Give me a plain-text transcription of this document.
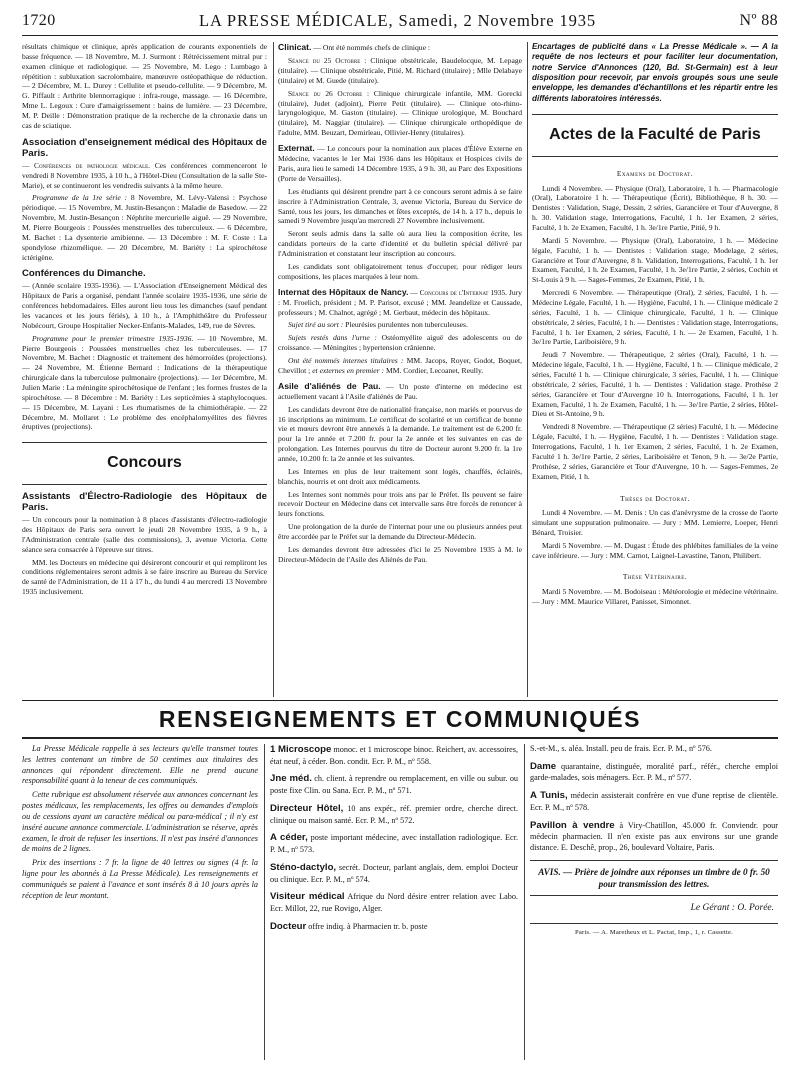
1720	LA PRESSE MÉDICALE, Samedi, 2 Novembre 1935	Nº 88

résultats chimique et clinique, après application de courants exponentiels de basse fréquence. — 18 Novembre, M. J. Surmont : Rétrécissement mitral pur : examen clinique et radiologique. — 25 Novembre, M. Lego : Lumbago à répétition : subluxation sacrolombaire, manœuvre ostéopathique de réduction. — 2 Décembre, M. L. Durey : Cellulite et pseudo-cellulite. — 9 Décembre, M. G. Piffault : Arthrite blennorragique : infra-rouge, massage. — 16 Décembre, Mme L. Legoux : Cure d'amaigrissement : bains de lumière. — 23 Décembre, M. P. Deille : Démonstration pratique de la recherche de la chronaxie dans un cas de sciatique.

Association d'enseignement médical des Hôpitaux de Paris.

— Conférences de pathologie médicale. Ces conférences commenceront le vendredi 8 Novembre 1935, à 10 h., à l'Hôtel-Dieu (Consultation de la salle Ste-Marie), et se continueront les vendredis suivants à la même heure.

Programme de la 1re série : 8 Novembre, M. Lévy-Valensi : Psychose périodique. — 15 Novembre, M. Justin-Besançon : Maladie de Basedow. — 22 Novembre, M. Justin-Besançon : Néphrite mercurielle aiguë. — 29 Novembre, M. Pierre Bourgeois : Poussées menstruelles des tuberculeux. — 6 Décembre, M. Bachet : La dysenterie amibienne. — 13 Décembre : M. F. Coste : La spondylose rhizomélique. — 20 Décembre, M. Bariéty : La spirochétose ictérigène.

Conférences du Dimanche.

— (Année scolaire 1935-1936). — L'Association d'Enseignement Médical des Hôpitaux de Paris a organisé, pendant l'année scolaire 1935-1936, une série de conférences hebdomadaires. Elles auront lieu tous les dimanches (sauf pendant les vacances et les jours fériés), à 10 h., à l'Amphithéâtre du Professeur Nobécourt, Groupe Hospitalier Necker-Enfants-Malades, 149, rue de Sèvres.

Programme pour le premier trimestre 1935-1936. — 10 Novembre, M. Pierre Bourgeois : Poussées menstruelles chez les tuberculeuses. — 17 Novembre, M. Bachet : Diagnostic et traitement des hémorroïdes (projections). — 24 Novembre, M. Étienne Bernard : Indications de la thérapeutique chirurgicale dans la tuberculose pulmonaire (projections). — 1er Décembre, M. Julien Marie : La méningite spirochétosique de l'enfant ; les formes frustes de la spirochétose. — 8 Décembre : M. Bariéty : Les septicémies à staphylocoques. — 15 Décembre, M. Layani : Les rhumatismes de la chimiothérapie. — 22 Décembre, M. Mollaret : Le problème des encéphalomyélites des fièvres éruptives (projections).

Concours
Assistants d'Électro-Radiologie des Hôpitaux de Paris.

— Un concours pour la nomination à 8 places d'assistants d'électro-radiologie des Hôpitaux de Paris sera ouvert le jeudi 28 Novembre 1935, à 9 h., à l'Administration centrale (salle des commissions), 3, avenue Victoria. Cette séance sera consacrée à l'épreuve sur titres.

MM. les Docteurs en médecine qui désireront concourir et qui rempliront les conditions réglementaires seront admis à se faire inscrire au Bureau du Service de santé de l'Administration, de 11 à 17 h., du lundi 4 au mercredi 13 Novembre 1935 inclusivement.

Clinicat. — Ont été nommés chefs de clinique :

Séance du 25 Octobre : Clinique obstétricale, Baudelocque, M. Lepage (titulaire). — Clinique obstétricale, Pitié, M. Richard (titulaire) ; Mlle Delabaye (titulaire) et M. Guede (titulaire).

Séance du 26 Octobre : Clinique chirurgicale infantile, MM. Gorecki (titulaire), Judet (adjoint), Pierre Petit (titulaire). — Clinique oto-rhino-laryngologique, M. Gaston (titulaire). — Clinique urologique, M. Bouchard (titulaire), M. Naggiar (titulaire). — Clinique chirurgicale orthopédique de l'adulte, MM. Beuzart, Demirleau, Ollivier-Henry (titulaires).

Externat. — Le concours pour la nomination aux places d'Élève Externe en Médecine, vacantes le 1er Mai 1936 dans les Hôpitaux et Hospices civils de Paris, aura lieu le samedi 14 Décembre 1935, à 9 h. 30, au Parc des Expositions (Porte de Versailles).

Les étudiants qui désirent prendre part à ce concours seront admis à se faire inscrire à l'Administration Centrale, 3, avenue Victoria, Bureau du Service de Santé, tous les jours, les dimanches et fêtes exceptés, de 14 h. à 17 h., depuis le samedi 9 Novembre jusqu'au mercredi 27 Novembre inclusivement.

Seront seuls admis dans la salle où aura lieu la composition écrite, les candidats porteurs de la carte d'identité et du bulletin spécial délivré par l'Administration et constatant leur inscription au concours.

Les candidats sont obligatoirement tenus d'occuper, pour rédiger leurs compositions, les places marquées à leur nom.

Internat des Hôpitaux de Nancy. — Concours de l'Internat 1935. Jury : M. Froelich, président ; M. P. Parisot, excusé ; MM. Jeandelize et Caussade, professeurs ; M. Chalnot, agrégé ; M. Gerbaut, médecin des hôpitaux.

Sujet tiré au sort : Pleurésies purulentes non tuberculeuses.

Sujets restés dans l'urne : Ostéomyélite aiguë des adolescents ou de croissance. — Méningites ; hypertension crânienne.

Ont été nommés internes titulaires : MM. Jacops, Royer, Godot, Boquet, Chevillot ; et externes en premier : MM. Cordier, Lecoanet, Reully.

Asile d'aliénés de Pau. — Un poste d'interne en médecine est actuellement vacant à l'Asile d'aliénés de Pau.

Les candidats devront être de nationalité française, non mariés et pourvus de 16 inscriptions au minimum. Le certificat de scolarité et un certificat de bonne vie et mœurs devront être annexés à la demande. Le traitement est de 6.200 fr. pour la 1re année et 7.200 fr. pour la 2e année et les suivantes en cas de prolongation. Les Internes pourvus du titre de Docteur auront 9.200 fr. la 1re année, 10.200 fr. la 2e année et les suivantes.

Les Internes en plus de leur traitement sont logés, chauffés, éclairés, blanchis, nourris et ont droit aux médicaments.

Les Internes sont nommés pour trois ans par le Préfet. Ils peuvent se faire recevoir Docteur en Médecine dans cet intervalle sans être forcés de renoncer à leurs fonctions.

Une prolongation de la durée de l'internat pour une ou plusieurs années peut être accordée par le Préfet sur la demande du Directeur-Médecin.

Les demandes devront être adressées d'ici le 25 Novembre 1935 à M. le Directeur-Médecin de l'Asile des Aliénés de Pau.

Encartages de publicité dans « La Presse Médicale ». — A la requête de nos lecteurs et pour faciliter leur documentation, notre Service d'Annonces (120, Bd. St-Germain) est à leur disposition pour recevoir, par envois groupés sous une seule enveloppe, les demandes d'échantillons et les répartir entre les différents laboratoires intéressés.
Actes de la Faculté de Paris
Examens de Doctorat.

Lundi 4 Novembre. — Physique (Oral), Laboratoire, 1 h. — Pharmacologie (Oral), Laboratoire 1 h. — Thérapeutique (Écrit), Bibliothèque, 8 h. 30. — Dentistes : Validation, Stage, Dessin, 2 séries, Garancière et Tour d'Auvergne, 8 h. 30. Validation stage, Interrogations, Faculté, 1 h. 1er Examen, 2 séries, Faculté, 1 h. 2e Examen, Faculté, 1 h. 3e/1re Partie, Pitié, 9 h.

Mardi 5 Novembre. — Physique (Oral), Laboratoire, 1 h. — Médecine légale, Faculté, 1 h. — Dentistes : Validation stage, Modelage, 2 séries, Garancière et Tour d'Auvergne, 8 h. Validation, Interrogations, Faculté, 1 h. 1er Examen, Faculté, 1 h. 2e Examen, Faculté, 1 h. 3e/1re Partie, 2 séries, Cochin et St-Louis à 9 h. — Sages-Femmes, 2e Examen, Pitié, 1 h.

Mercredi 6 Novembre. — Thérapeutique (Oral), 2 séries, Faculté, 1 h. — Médecine Légale, Faculté, 1 h. — Hygiène, Faculté, 1 h. — Clinique médicale 2 séries, Faculté, 1 h. — Clinique chirurgicale, Faculté, 1 h. — Clinique obstétricale, 2 séries, Faculté, 1 h. — Dentistes : Validation stage, Interrogations, Faculté, 1 h. 1er Examen, 2 séries, Faculté, 1 h. — 2e Examen, Faculté, 1 h. 3e/1re Partie, Lariboisière, 9 h.

Jeudi 7 Novembre. — Thérapeutique, 2 séries (Oral), Faculté, 1 h. — Médecine légale, Faculté, 1 h. — Hygiène, Faculté, 1 h. — Clinique médicale, 2 séries, Faculté 1 h. — Clinique chirurgicale, 3 séries, Faculté, 1 h. — Clinique obstétricale, 2 séries, Faculté, 1 h. — Dentistes : Validation stage. Prothèse 2 séries, Garancière et Tour d'Auvergne 10 h. Interrogations, Faculté, 1 h. 1er Examen, Faculté, 1 h. 2e Examen, Faculté, 1 h. — 3e/1re Partie, 2 séries, Hôtel-Dieu et St-Antoine, 9 h.

Vendredi 8 Novembre. — Thérapeutique (2 séries) Faculté, 1 h. — Médecine Légale, Faculté, 1 h. — Hygiène, Faculté, 1 h. — Dentistes : Validation stage. Interrogations, Faculté, 1 h. 1er Examen, 2 séries, Faculté, 1 h. 2e Examen, Faculté 1 h. 3e/1re Partie, 2 séries, Lariboisière et Tenon, 9 h. — 3e/2e Partie, Prothèse, 2 séries, Garancière et Tour d'Auvergne, 10 h. — Sages-Femmes, 2e Examen, Pitié, 1 h.

Thèses de Doctorat.

Lundi 4 Novembre. — M. Denis : Un cas d'anévrysme de la crosse de l'aorte simulant une suppuration pulmonaire. — Jury : MM. Lemierre, Loeper, Henri Bénard, Troisier.

Mardi 5 Novembre. — M. Dugast : Étude des phlébites familiales de la veine cave inférieure. — Jury : MM. Carnot, Laignel-Lavastine, Tanon, Philibert.

Thèse Vétérinaire.

Mardi 5 Novembre. — M. Bodoiseau : Météorologie et médecine vétérinaire. — Jury : MM. Maurice Villaret, Panisset, Simonnet.

RENSEIGNEMENTS ET COMMUNIQUÉS

La Presse Médicale rappelle à ses lecteurs qu'elle transmet toutes les lettres contenant un timbre de 50 centimes aux titulaires des annonces qui répondent directement. Elle ne prend aucune responsabilité quant à la teneur de ces communiqués.

Cette rubrique est absolument réservée aux annonces concernant les postes médicaux, les remplacements, les offres ou demandes d'emplois ou de cessions ayant un caractère médical ou para-médical ; il n'y est inséré aucune annonce commerciale. L'administration se réserve, après examen, le droit de refuser les insertions. Il n'est pas inséré d'annonces de moins de 2 lignes.

Prix des insertions : 7 fr. la ligne de 40 lettres ou signes (4 fr. la ligne pour les abonnés à La Presse Médicale). Les renseignements et communiqués se paient à l'avance et sont insérés 8 à 10 jours après la réception de leur montant.

1 Microscope monoc. et 1 microscope binoc. Reichert, av. accessoires, état neuf, à céder. Bon. condit. Ecr. P. M., nº 558.
Jne méd. ch. client. à reprendre ou remplacement, en ville ou subur. ou poste fixe Clin. ou Sana. Ecr. P. M., nº 571.
Directeur Hôtel, 10 ans expér., réf. premier ordre, cherche direct. clinique ou maison santé. Ecr. P. M., nº 572.
A céder, poste important médecine, avec installation radiologique. Ecr. P. M., nº 573.
Sténo-dactylo, secrét. Docteur, parlant anglais, dem. emploi Docteur ou clinique. Ecr. P. M., nº 574.
Visiteur médical Afrique du Nord désire entrer relation avec Labo. Ecr. Millot, 22, rue Rovigo, Alger.
Docteur offre indiq. à Pharmacien tr. b. poste
S.-et-M., s. aléa. Install. peu de frais. Ecr. P. M., nº 576.
Dame quarantaine, distinguée, moralité parf., référ., cherche emploi garde-malades, sois ménagers. Ecr. P. M., nº 577.
A Tunis, médecin assisterait confrère en vue d'une reprise de clientèle. Ecr. P. M., nº 578.
Pavillon à vendre à Viry-Chatillon, 45.000 fr. Conviendr. pour médecin pharmacien. Il n'en existe pas aux environs sur une grande distance. E. Deschê, prop., 26, boulevard Voltaire, Paris.
AVIS. — Prière de joindre aux réponses un timbre de 0 fr. 50 pour transmission des lettres.
Le Gérant : O. Porée.
Paris. — A. Maretheux et L. Pactat, Imp., 1, r. Cassette.
